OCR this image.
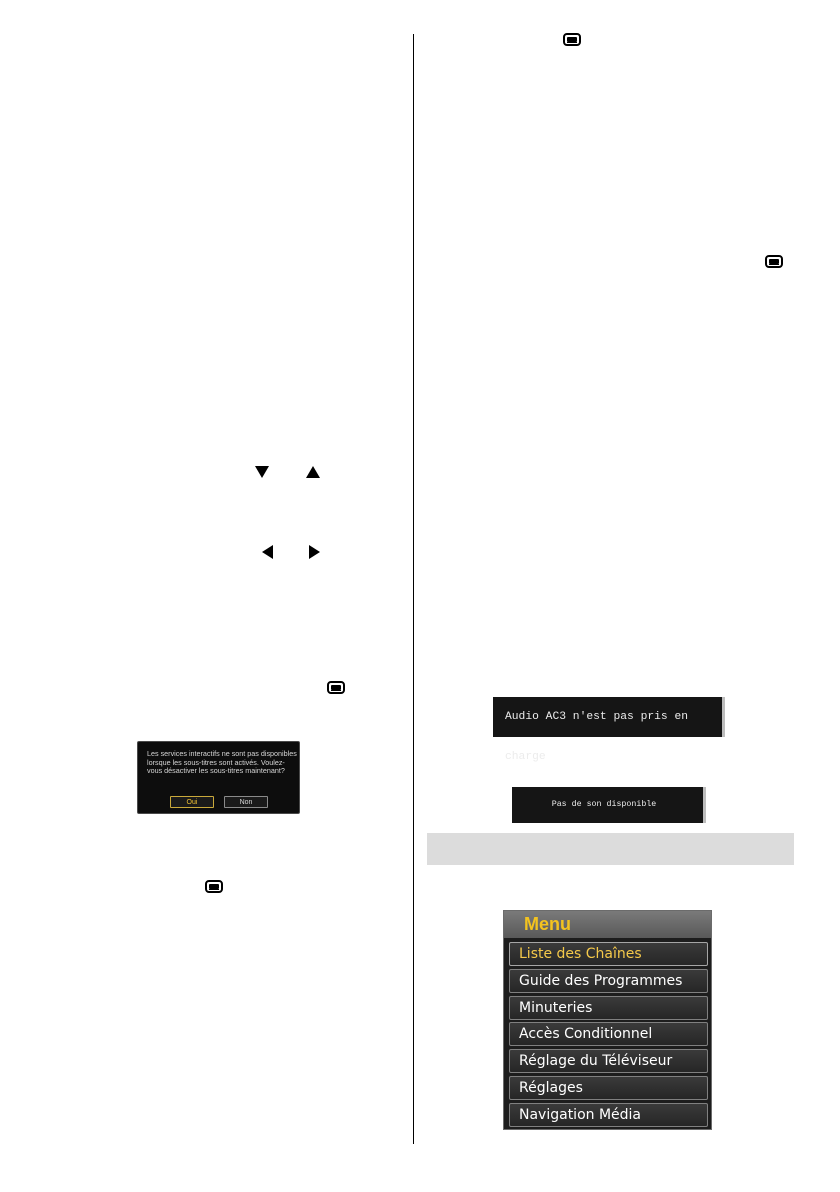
Les services interactifs ne sont pas disponibles lorsque les sous-titres sont activés. Voulez-vous désactiver les sous-titres maintenant?

Oui	Non
Audio AC3 n'est pas pris en charge
Pas de son disponible
Menu
Liste des Chaînes
Guide des Programmes
Minuteries
Accès Conditionnel
Réglage du Téléviseur
Réglages
Navigation Média
